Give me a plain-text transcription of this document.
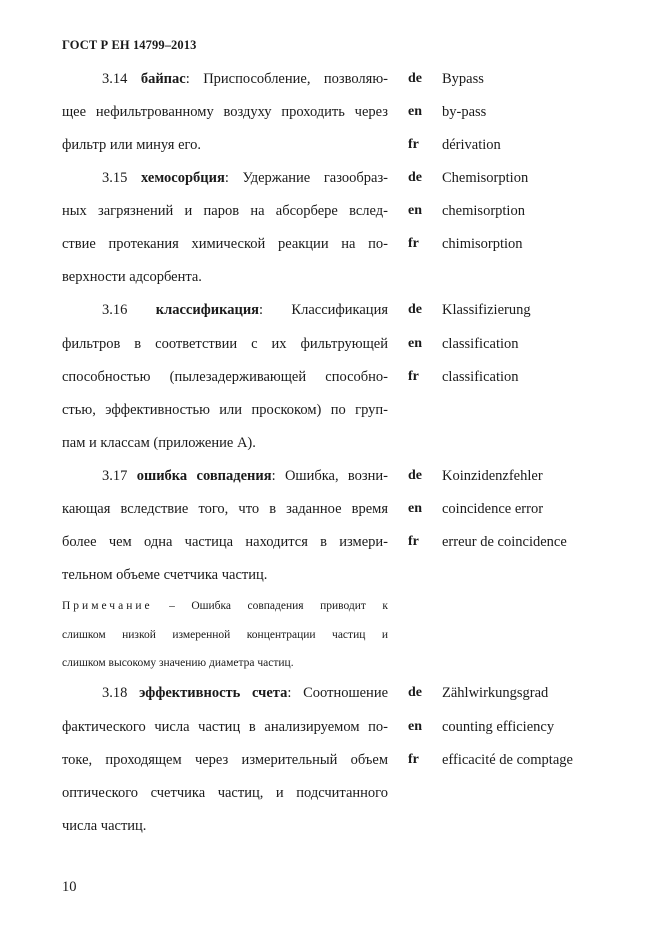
ГОСТ Р ЕН 14799–2013
3.14 байпас: Приспособление, позволяю-
щее нефильтрованному воздуху проходить через
фильтр или минуя его.
de Bypass
en by-pass
fr dérivation
3.15 хемосорбция: Удержание газообраз-
ных загрязнений и паров на абсорбере вслед-
ствие протекания химической реакции на по-
верхности адсорбента.
de Chemisorption
en chemisorption
fr chimisorption
3.16 классификация: Классификация
фильтров в соответствии с их фильтрующей
способностью (пылезадерживающей способно-
стью, эффективностью или проскоком) по груп-
пам и классам (приложение А).
de Klassifizierung
en classification
fr classification
3.17 ошибка совпадения: Ошибка, возни-
кающая вследствие того, что в заданное время
более чем одна частица находится в измери-
тельном объеме счетчика частиц.
Примечание – Ошибка совпадения приводит к
слишком низкой измеренной концентрации частиц и
слишком высокому значению диаметра частиц.
de Koinzidenzfehler
en coincidence error
fr erreur de coincidence
3.18 эффективность счета: Соотношение
фактического числа частиц в анализируемом по-
токе, проходящем через измерительный объем
оптического счетчика частиц, и подсчитанного
числа частиц.
de Zählwirkungsgrad
en counting efficiency
fr efficacité de comptage
10
